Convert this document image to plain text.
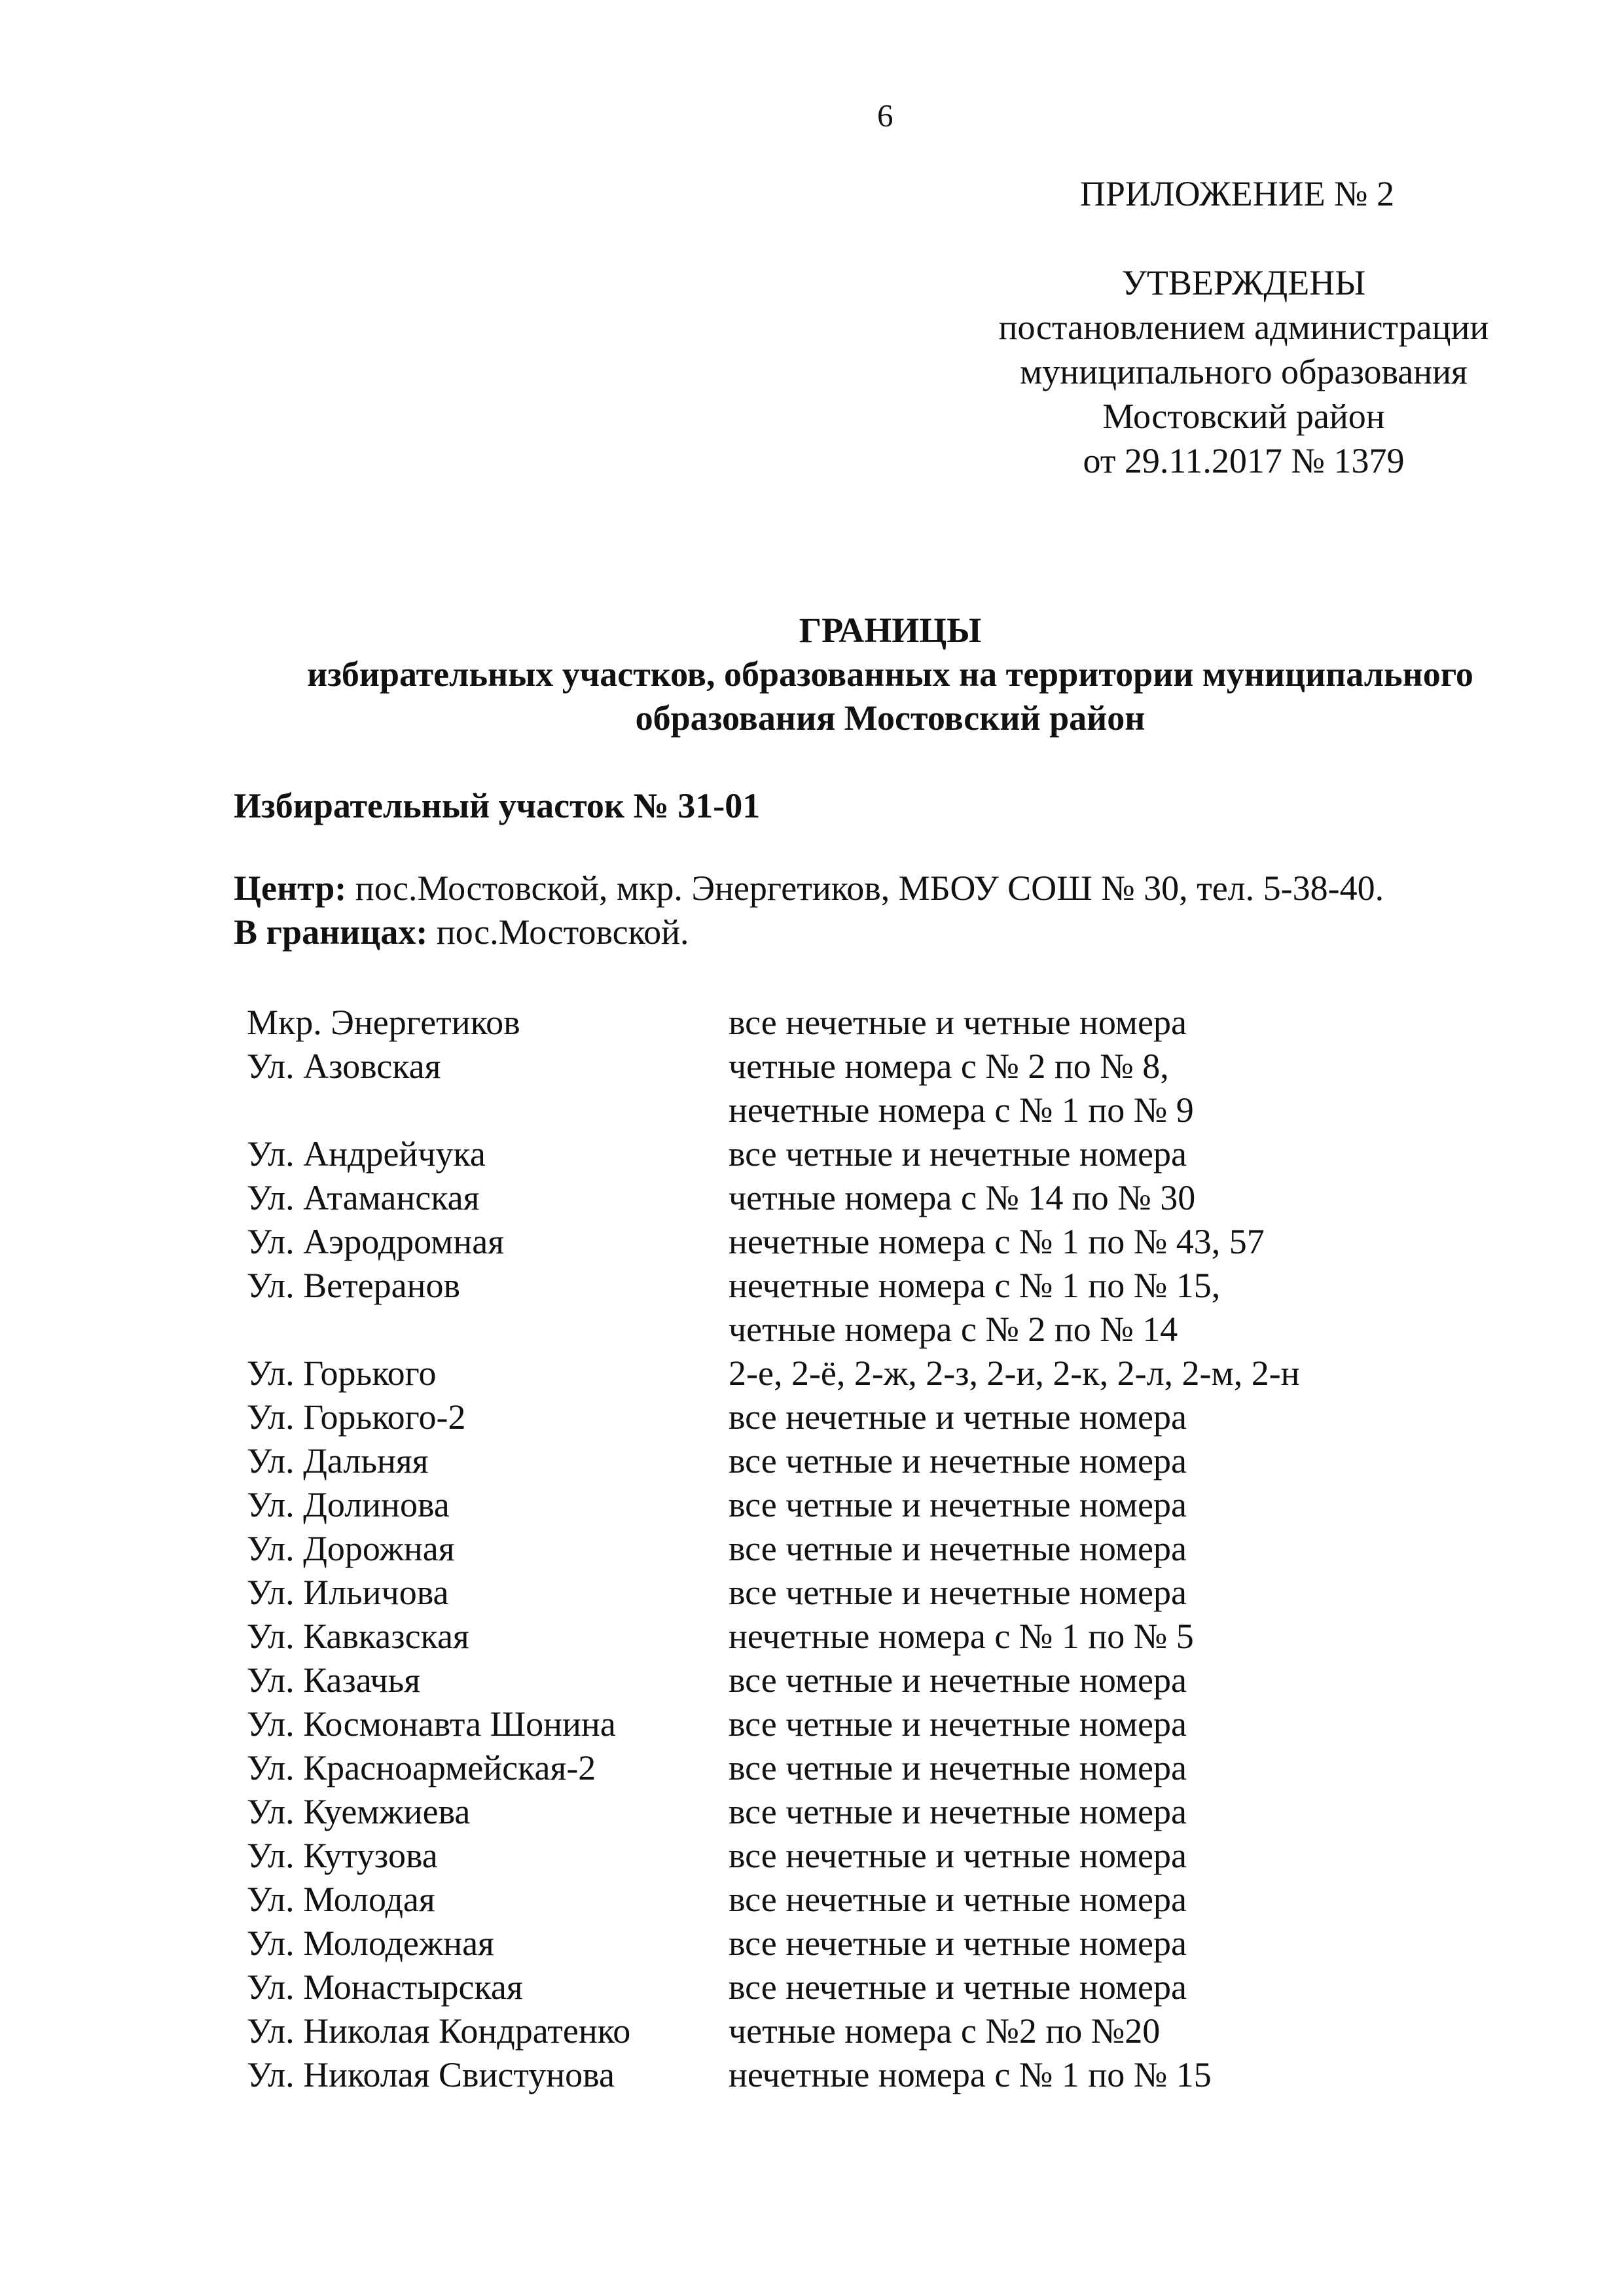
6
ПРИЛОЖЕНИЕ № 2
УТВЕРЖДЕНЫ
постановлением администрации
муниципального образования
Мостовский район
от 29.11.2017 № 1379
ГРАНИЦЫ
избирательных участков, образованных на территории муниципального
образования Мостовский район
Избирательный участок № 31-01
Центр: пос.Мостовской, мкр. Энергетиков, МБОУ СОШ № 30, тел. 5-38-40.
В границах: пос.Мостовской.
Мкр. Энергетиков	все нечетные и четные номера
Ул. Азовская	четные номера с № 2 по № 8,
нечетные номера с № 1 по № 9
Ул. Андрейчука	все четные и нечетные номера
Ул. Атаманская	четные номера с № 14 по № 30
Ул. Аэродромная	нечетные номера с № 1 по № 43, 57
Ул. Ветеранов	нечетные номера с № 1 по № 15,
четные номера с № 2 по № 14
Ул. Горького	2-е, 2-ё, 2-ж, 2-з, 2-и, 2-к, 2-л, 2-м, 2-н
Ул. Горького-2	все нечетные и четные номера
Ул. Дальняя	все четные и нечетные номера
Ул. Долинова	все четные и нечетные номера
Ул. Дорожная	все четные и нечетные номера
Ул. Ильичова	все четные и нечетные номера
Ул. Кавказская	нечетные номера с № 1 по № 5
Ул. Казачья	все четные и нечетные номера
Ул. Космонавта Шонина	все четные и нечетные номера
Ул. Красноармейская-2	все четные и нечетные номера
Ул. Куемжиева	все четные и нечетные номера
Ул. Кутузова	все нечетные и четные номера
Ул. Молодая	все нечетные и четные номера
Ул. Молодежная	все нечетные и четные номера
Ул. Монастырская	все нечетные и четные номера
Ул. Николая Кондратенко	четные номера с №2 по №20
Ул. Николая Свистунова	нечетные номера с № 1 по № 15
